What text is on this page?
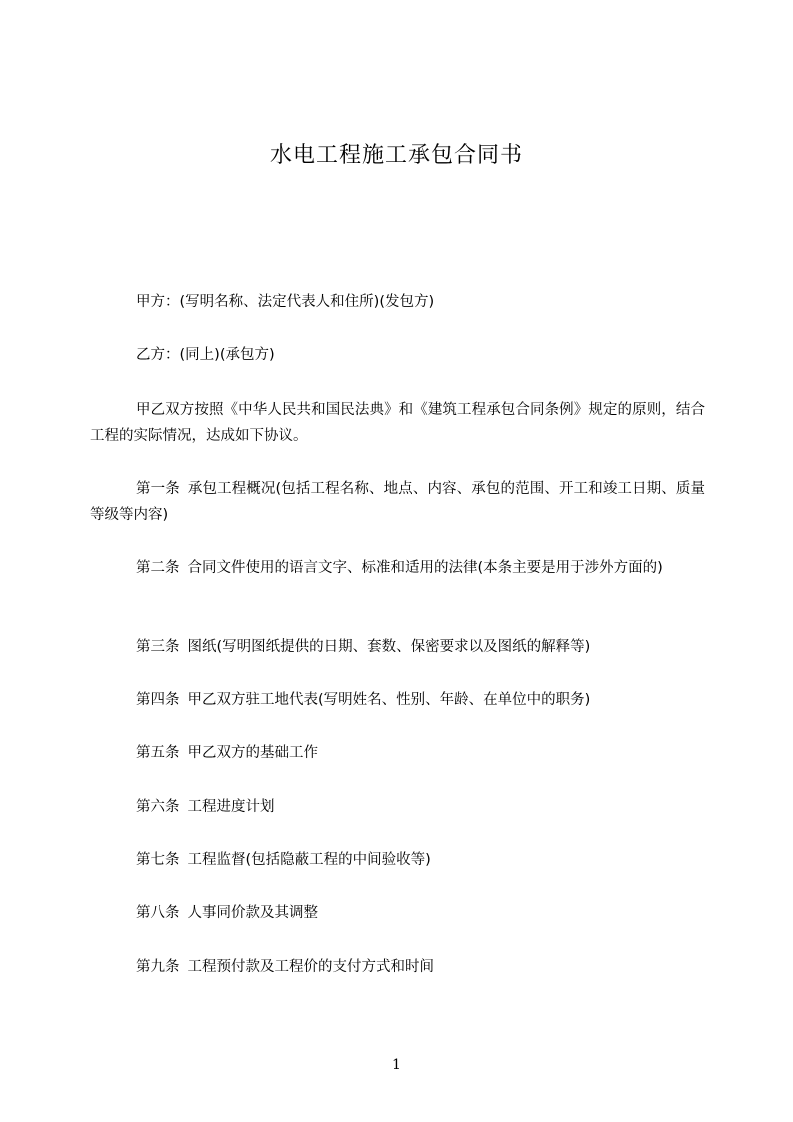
水电工程施工承包合同书

甲方：(写明名称、法定代表人和住所)(发包方)

乙方：(同上)(承包方)

甲乙双方按照《中华人民共和国民法典》和《建筑工程承包合同条例》规定的原则，结合工程的实际情况，达成如下协议。

第一条 承包工程概况(包括工程名称、地点、内容、承包的范围、开工和竣工日期、质量等级等内容)

第二条 合同文件使用的语言文字、标准和适用的法律(本条主要是用于涉外方面的)

第三条 图纸(写明图纸提供的日期、套数、保密要求以及图纸的解释等)

第四条 甲乙双方驻工地代表(写明姓名、性别、年龄、在单位中的职务)

第五条 甲乙双方的基础工作

第六条 工程进度计划

第七条 工程监督(包括隐蔽工程的中间验收等)

第八条 人事同价款及其调整

第九条 工程预付款及工程价的支付方式和时间

1
